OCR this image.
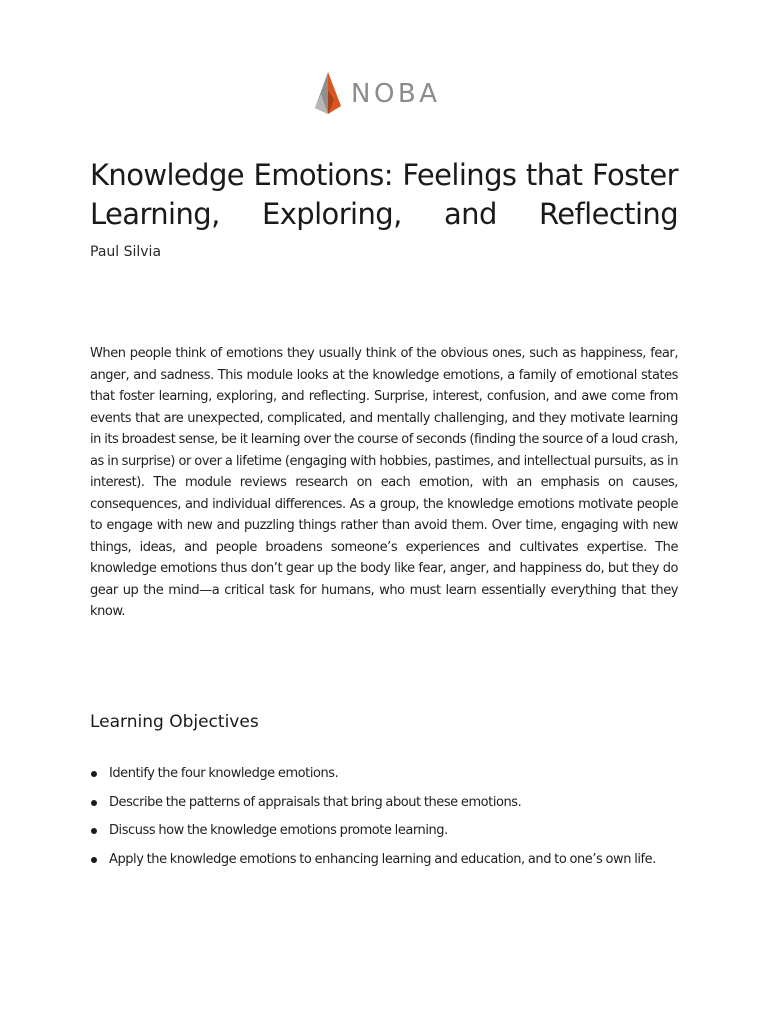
NOBA
Knowledge Emotions: Feelings that Foster Learning, Exploring, and Reflecting

Paul Silvia

When people think of emotions they usually think of the obvious ones, such as happiness, fear, anger, and sadness. This module looks at the knowledge emotions, a family of emotional states that foster learning, exploring, and reflecting. Surprise, interest, confusion, and awe come from events that are unexpected, complicated, and mentally challenging, and they motivate learning in its broadest sense, be it learning over the course of seconds (finding the source of a loud crash, as in surprise) or over a lifetime (engaging with hobbies, pastimes, and intellectual pursuits, as in interest). The module reviews research on each emotion, with an emphasis on causes, consequences, and individual differences. As a group, the knowledge emotions motivate people to engage with new and puzzling things rather than avoid them. Over time, engaging with new things, ideas, and people broadens someone’s experiences and cultivates expertise. The knowledge emotions thus don’t gear up the body like fear, anger, and happiness do, but they do gear up the mind—a critical task for humans, who must learn essentially everything that they know.

Learning Objectives
Identify the four knowledge emotions.
Describe the patterns of appraisals that bring about these emotions.
Discuss how the knowledge emotions promote learning.
Apply the knowledge emotions to enhancing learning and education, and to one’s own life.
